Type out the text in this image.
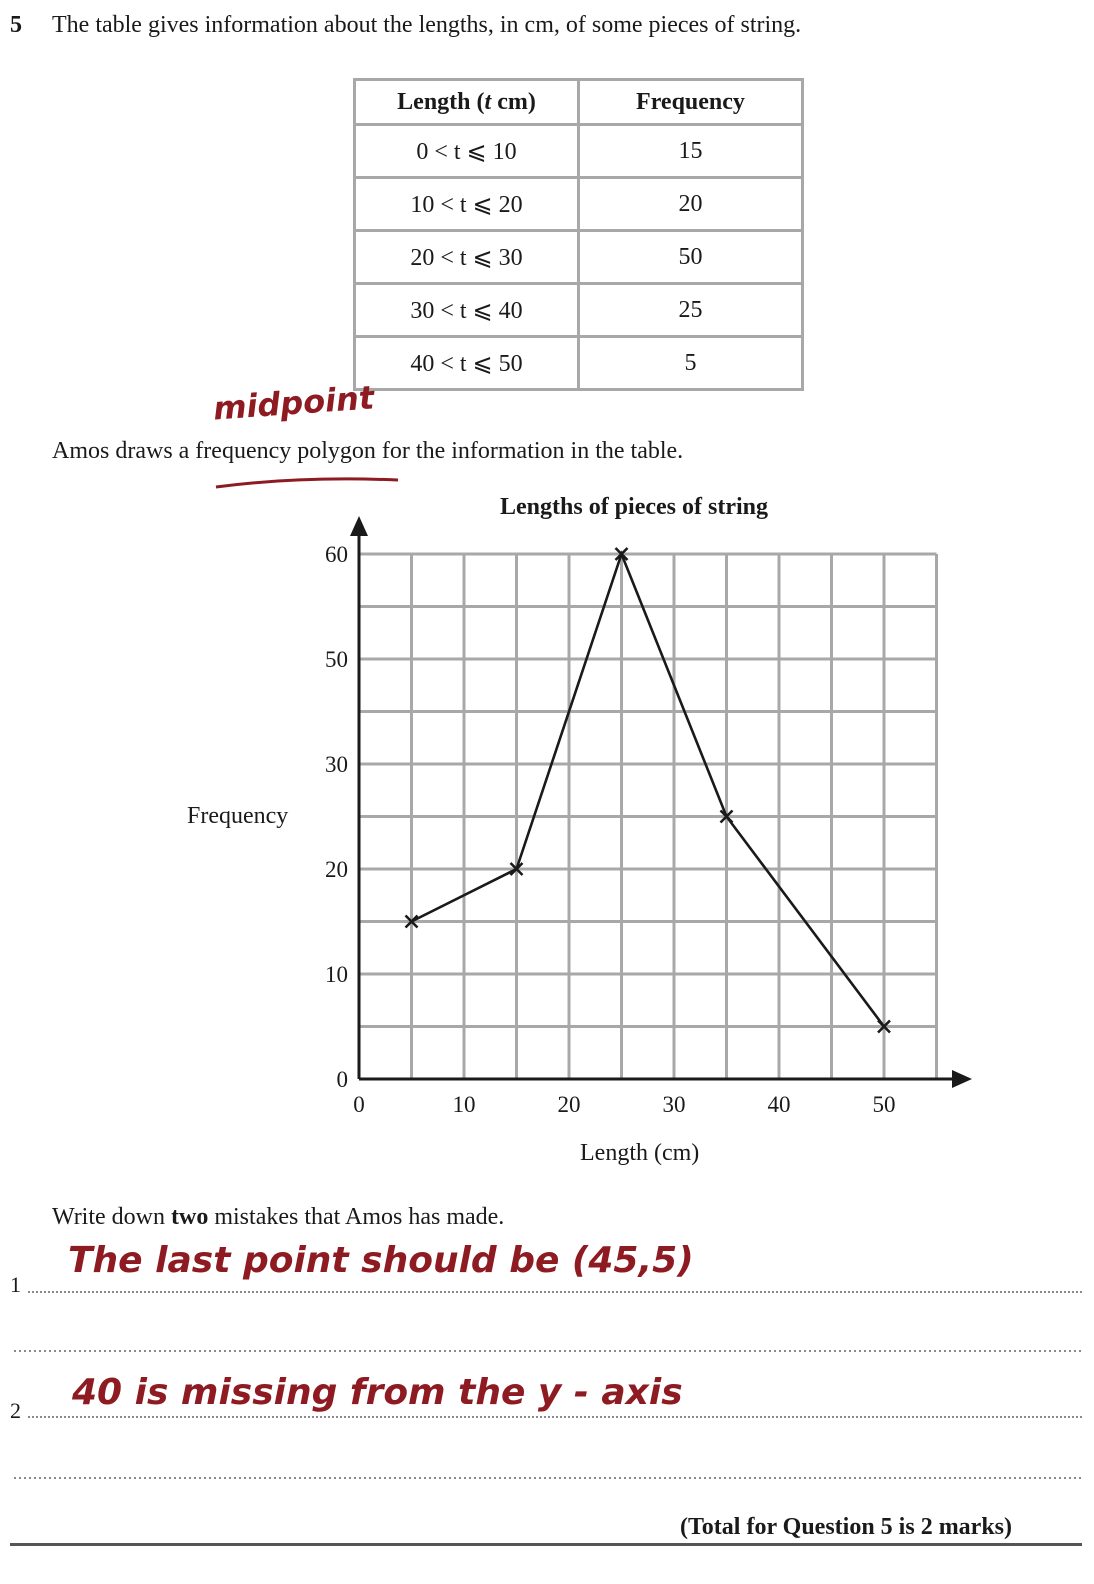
5 The table gives information about the lengths, in cm, of some pieces of string.
Length (t cm)	Frequency
0 < t ⩽ 10	15
10 < t ⩽ 20	20
20 < t ⩽ 30	50
30 < t ⩽ 40	25
40 < t ⩽ 50	5
midpoint
Amos draws a frequency polygon for the information in the table.
0	10	20	30	40	50
0
10
20
30
50
60
Lengths of pieces of string
Frequency
Length (cm)
Write down two mistakes that Amos has made.
1
The last point should be (45,5)
2 40 is missing from the y - axis
(Total for Question 5 is 2 marks)
